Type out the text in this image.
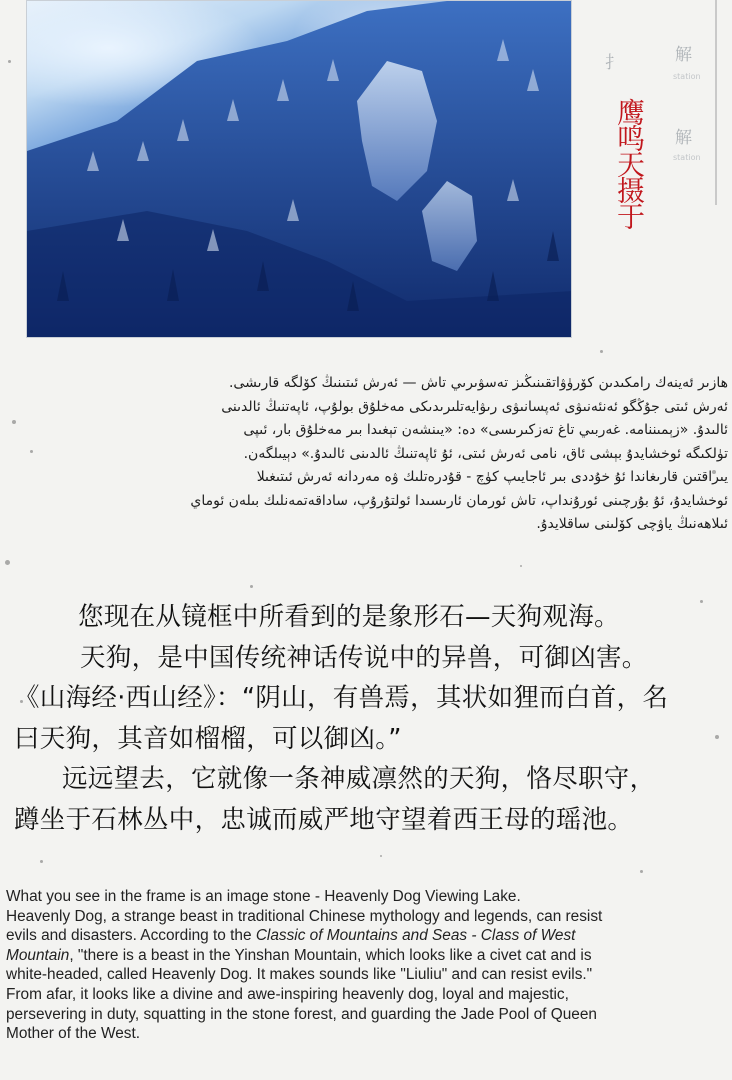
解
扌
station
解
station
鹰鸣天摄于
ھازىر ئەينەك رامكىدىن كۆرۈۋاتقىنىڭىز تەسۋىرىي تاش — ئەرش ئىتىنىڭ كۆلگە قارىشى.
ئەرش ئىتى جۇڭگو ئەنئەنىۋى ئەپسانىۋى رىۋايەتلىرىدىكى مەخلۇق بولۇپ، ئاپەتنىڭ ئالدىنى
ئالىدۇ. «زېمىننامە. غەربىي تاغ تەزكىرىسى» دە: «يىنشەن تېغىدا بىر مەخلۇق بار، ئىپى
تۈلكىگە ئوخشايدۇ بېشى ئاق، نامى ئەرش ئىتى، ئۇ ئاپەتنىڭ ئالدىنى ئالىدۇ.» دېيىلگەن.
يىراقتىن قارىغاندا ئۇ خۇددى بىر ئاجايىپ كۈچ - قۇدرەتلىك ۋە مەردانە ئەرش ئىتىغىلا
ئوخشايدۇ، ئۇ بۇرچىنى ئورۇنداپ، تاش ئورمان ئارىسىدا ئولتۇرۇپ، ساداقەتمەنلىك بىلەن ئوماي
ئىلاھەنىڭ ياۋچى كۆلىنى ساقلايدۇ.
您现在从镜框中所看到的是象形石—天狗观海。
天狗，是中国传统神话传说中的异兽，可御凶害。
《山海经·西山经》：“阴山，有兽焉，其状如狸而白首，名
曰天狗，其音如榴榴，可以御凶。”
远远望去，它就像一条神威凛然的天狗，恪尽职守，
蹲坐于石林丛中，忠诚而威严地守望着西王母的瑶池。
What you see in the frame is an image stone - Heavenly Dog Viewing Lake.
Heavenly Dog, a strange beast in traditional Chinese mythology and legends, can resist
evils and disasters. According to the Classic of Mountains and Seas - Class of West
Mountain, "there is a beast in the Yinshan Mountain, which looks like a civet cat and is
white-headed, called Heavenly Dog. It makes sounds like "Liuliu" and can resist evils."
From afar, it looks like a divine and awe-inspiring heavenly dog, loyal and majestic,
persevering in duty, squatting in the stone forest, and guarding the Jade Pool of Queen
Mother of the West.
